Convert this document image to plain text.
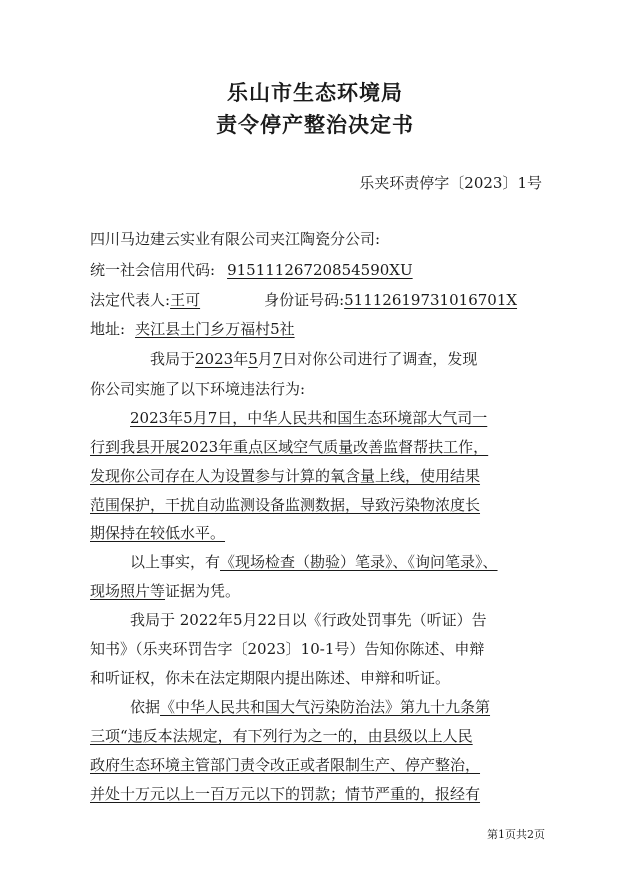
乐山市生态环境局
责令停产整治决定书
乐夹环责停字〔2023〕1号
四川马边建云实业有限公司夹江陶瓷分公司:
统一社会信用代码: 91511126720854590XU
法定代表人:王可	身份证号码:51112619731016701X
地址: 夹江县土门乡万福村5社
我局于2023年5月7日对你公司进行了调查，发现
你公司实施了以下环境违法行为:
2023年5月7日，中华人民共和国生态环境部大气司一
行到我县开展2023年重点区域空气质量改善监督帮扶工作，
发现你公司存在人为设置参与计算的氧含量上线，使用结果
范围保护，干扰自动监测设备监测数据，导致污染物浓度长
期保持在较低水平。
以上事实，有《现场检查（勘验）笔录》、《询问笔录》、
现场照片等证据为凭。
我局于 2022年5月22日以《行政处罚事先（听证）告
知书》（乐夹环罚告字〔2023〕10-1号）告知你陈述、申辩
和听证权，你未在法定期限内提出陈述、申辩和听证。
依据《中华人民共和国大气污染防治法》第九十九条第
三项“违反本法规定，有下列行为之一的，由县级以上人民
政府生态环境主管部门责令改正或者限制生产、停产整治，
并处十万元以上一百万元以下的罚款；情节严重的，报经有
第1页共2页
